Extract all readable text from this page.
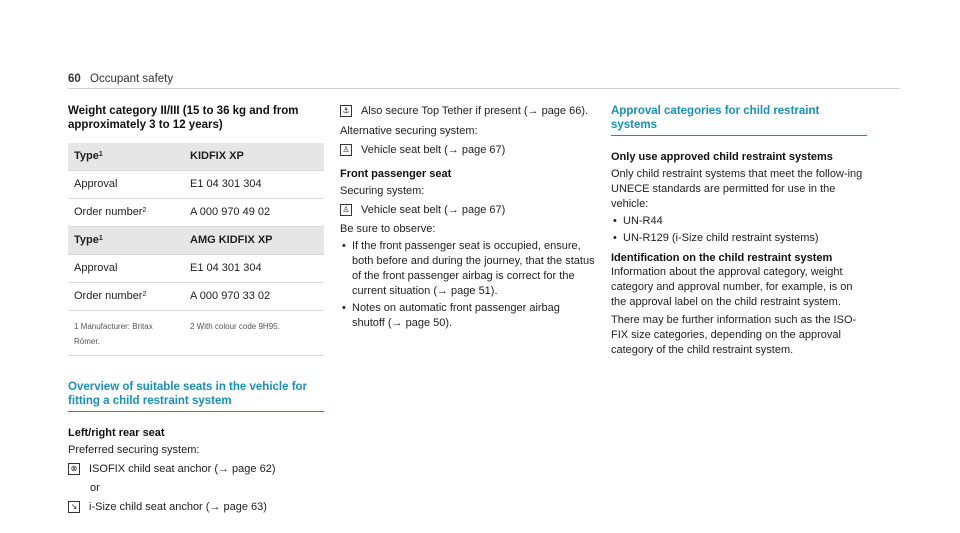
60 Occupant safety
Weight category II/III (15 to 36 kg and from approximately 3 to 12 years)
Type$^1$	KIDFIX XP
Approval	E1 04 301 304
Order number$^2$	A 000 970 49 02
Type$^1$	AMG KIDFIX XP
Approval	E1 04 301 304
Order number$^2$	A 000 970 33 02
1 Manufacturer: Britax Römer.	2 With colour code 9H95.
Overview of suitable seats in the vehicle for fitting a child restraint system
Left/right rear seat

Preferred securing system:

⊗ ISOFIX child seat anchor (→ page 62)

or

↘ i-Size child seat anchor (→ page 63)
⚓ Also secure Top Tether if present (→ page 66).

Alternative securing system:

♙ Vehicle seat belt (→ page 67)
Front passenger seat

Securing system:

♙ Vehicle seat belt (→ page 67)

Be sure to observe:

• If the front passenger seat is occupied, ensure, both before and during the journey, that the status of the front passenger airbag is correct for the current situation (→ page 51).
• Notes on automatic front passenger airbag shutoff (→ page 50).
Approval categories for child restraint systems
Only use approved child restraint systems

Only child restraint systems that meet the follow-ing UNECE standards are permitted for use in the vehicle:

• UN-R44
• UN-R129 (i-Size child restraint systems)
Identification on the child restraint system

Information about the approval category, weight category and approval number, for example, is on the approval label on the child restraint system.

There may be further information such as the ISO-FIX size categories, depending on the approval category of the child restraint system.
